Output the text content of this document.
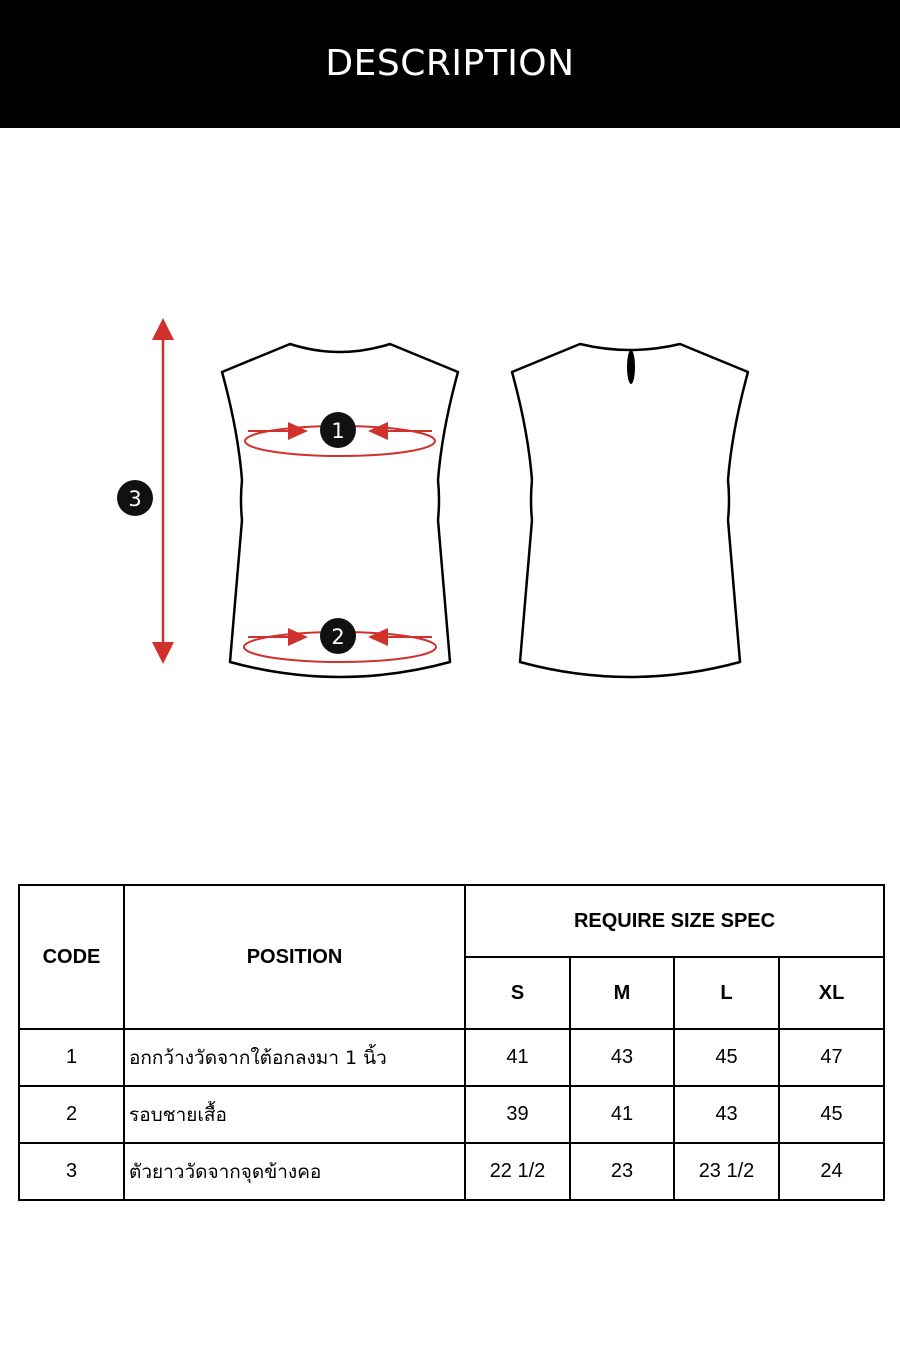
DESCRIPTION
1
2
3
CODE	POSITION	REQUIRE SIZE SPEC			
		S	M	L	XL
1	อกกว้างวัดจากใต้อกลงมา 1 นิ้ว	41	43	45	47
2	รอบชายเสื้อ	39	41	43	45
3	ตัวยาววัดจากจุดข้างคอ	22 1/2	23	23 1/2	24
